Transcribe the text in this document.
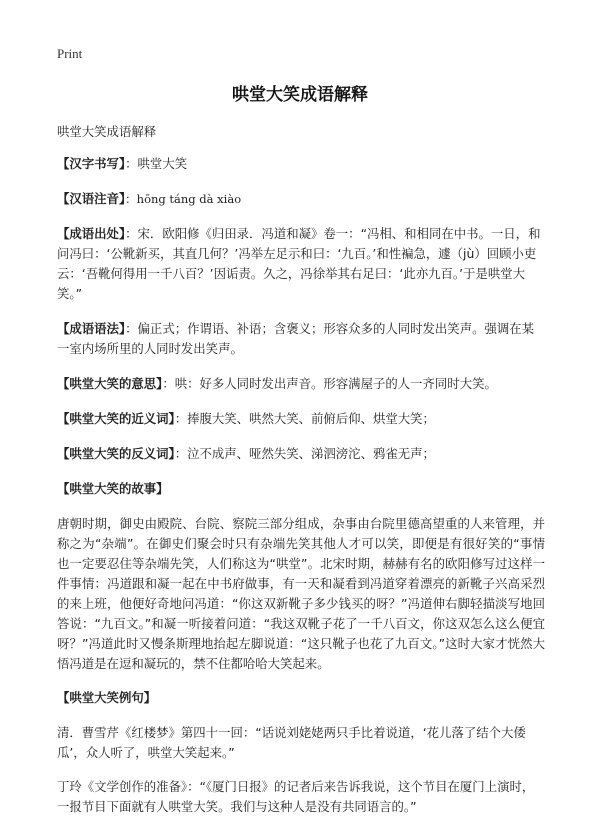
Print
哄堂大笑成语解释

哄堂大笑成语解释

【汉字书写】：哄堂大笑

【汉语注音】：hōng táng dà xiào

【成语出处】：宋．欧阳修《归田录．冯道和凝》卷一：“冯相、和相同在中书。一日，和问冯曰：‘公靴新买，其直几何？’冯举左足示和曰：‘九百。’和性褊急，遽（jù）回顾小吏云：‘吾靴何得用一千八百？’因诟责。久之，冯徐举其右足曰：‘此亦九百。’于是哄堂大笑。”

【成语语法】：偏正式；作谓语、补语；含褒义；形容众多的人同时发出笑声。强调在某一室内场所里的人同时发出笑声。

【哄堂大笑的意思】：哄：好多人同时发出声音。形容满屋子的人一齐同时大笑。

【哄堂大笑的近义词】：捧腹大笑、哄然大笑、前俯后仰、烘堂大笑；

【哄堂大笑的反义词】：泣不成声、哑然失笑、涕泗滂沱、鸦雀无声；

【哄堂大笑的故事】

唐朝时期，御史由殿院、台院、察院三部分组成，杂事由台院里德高望重的人来管理，并称之为“杂端”。在御史们聚会时只有杂端先笑其他人才可以笑，即便是有很好笑的“事情也一定要忍住等杂端先笑，人们称这为“哄堂”。北宋时期，赫赫有名的欧阳修写过这样一件事情：冯道跟和凝一起在中书府做事，有一天和凝看到冯道穿着漂亮的新靴子兴高采烈的来上班，他便好奇地问冯道：“你这双新靴子多少钱买的呀？”冯道伸右脚轻描淡写地回答说：“九百文。”和凝一听接着问道：“我这双靴子花了一千八百文，你这双怎么这么便宜呀？”冯道此时又慢条斯理地抬起左脚说道：“这只靴子也花了九百文。”这时大家才恍然大悟冯道是在逗和凝玩的，禁不住都哈哈大笑起来。

【哄堂大笑例句】

清．曹雪芹《红楼梦》第四十一回：“话说刘姥姥两只手比着说道，‘花儿落了结个大倭瓜’，众人听了，哄堂大笑起来。”

丁玲《文学创作的准备》：“《厦门日报》的记者后来告诉我说，这个节目在厦门上演时，一报节目下面就有人哄堂大笑。我们与这种人是没有共同语言的。”
